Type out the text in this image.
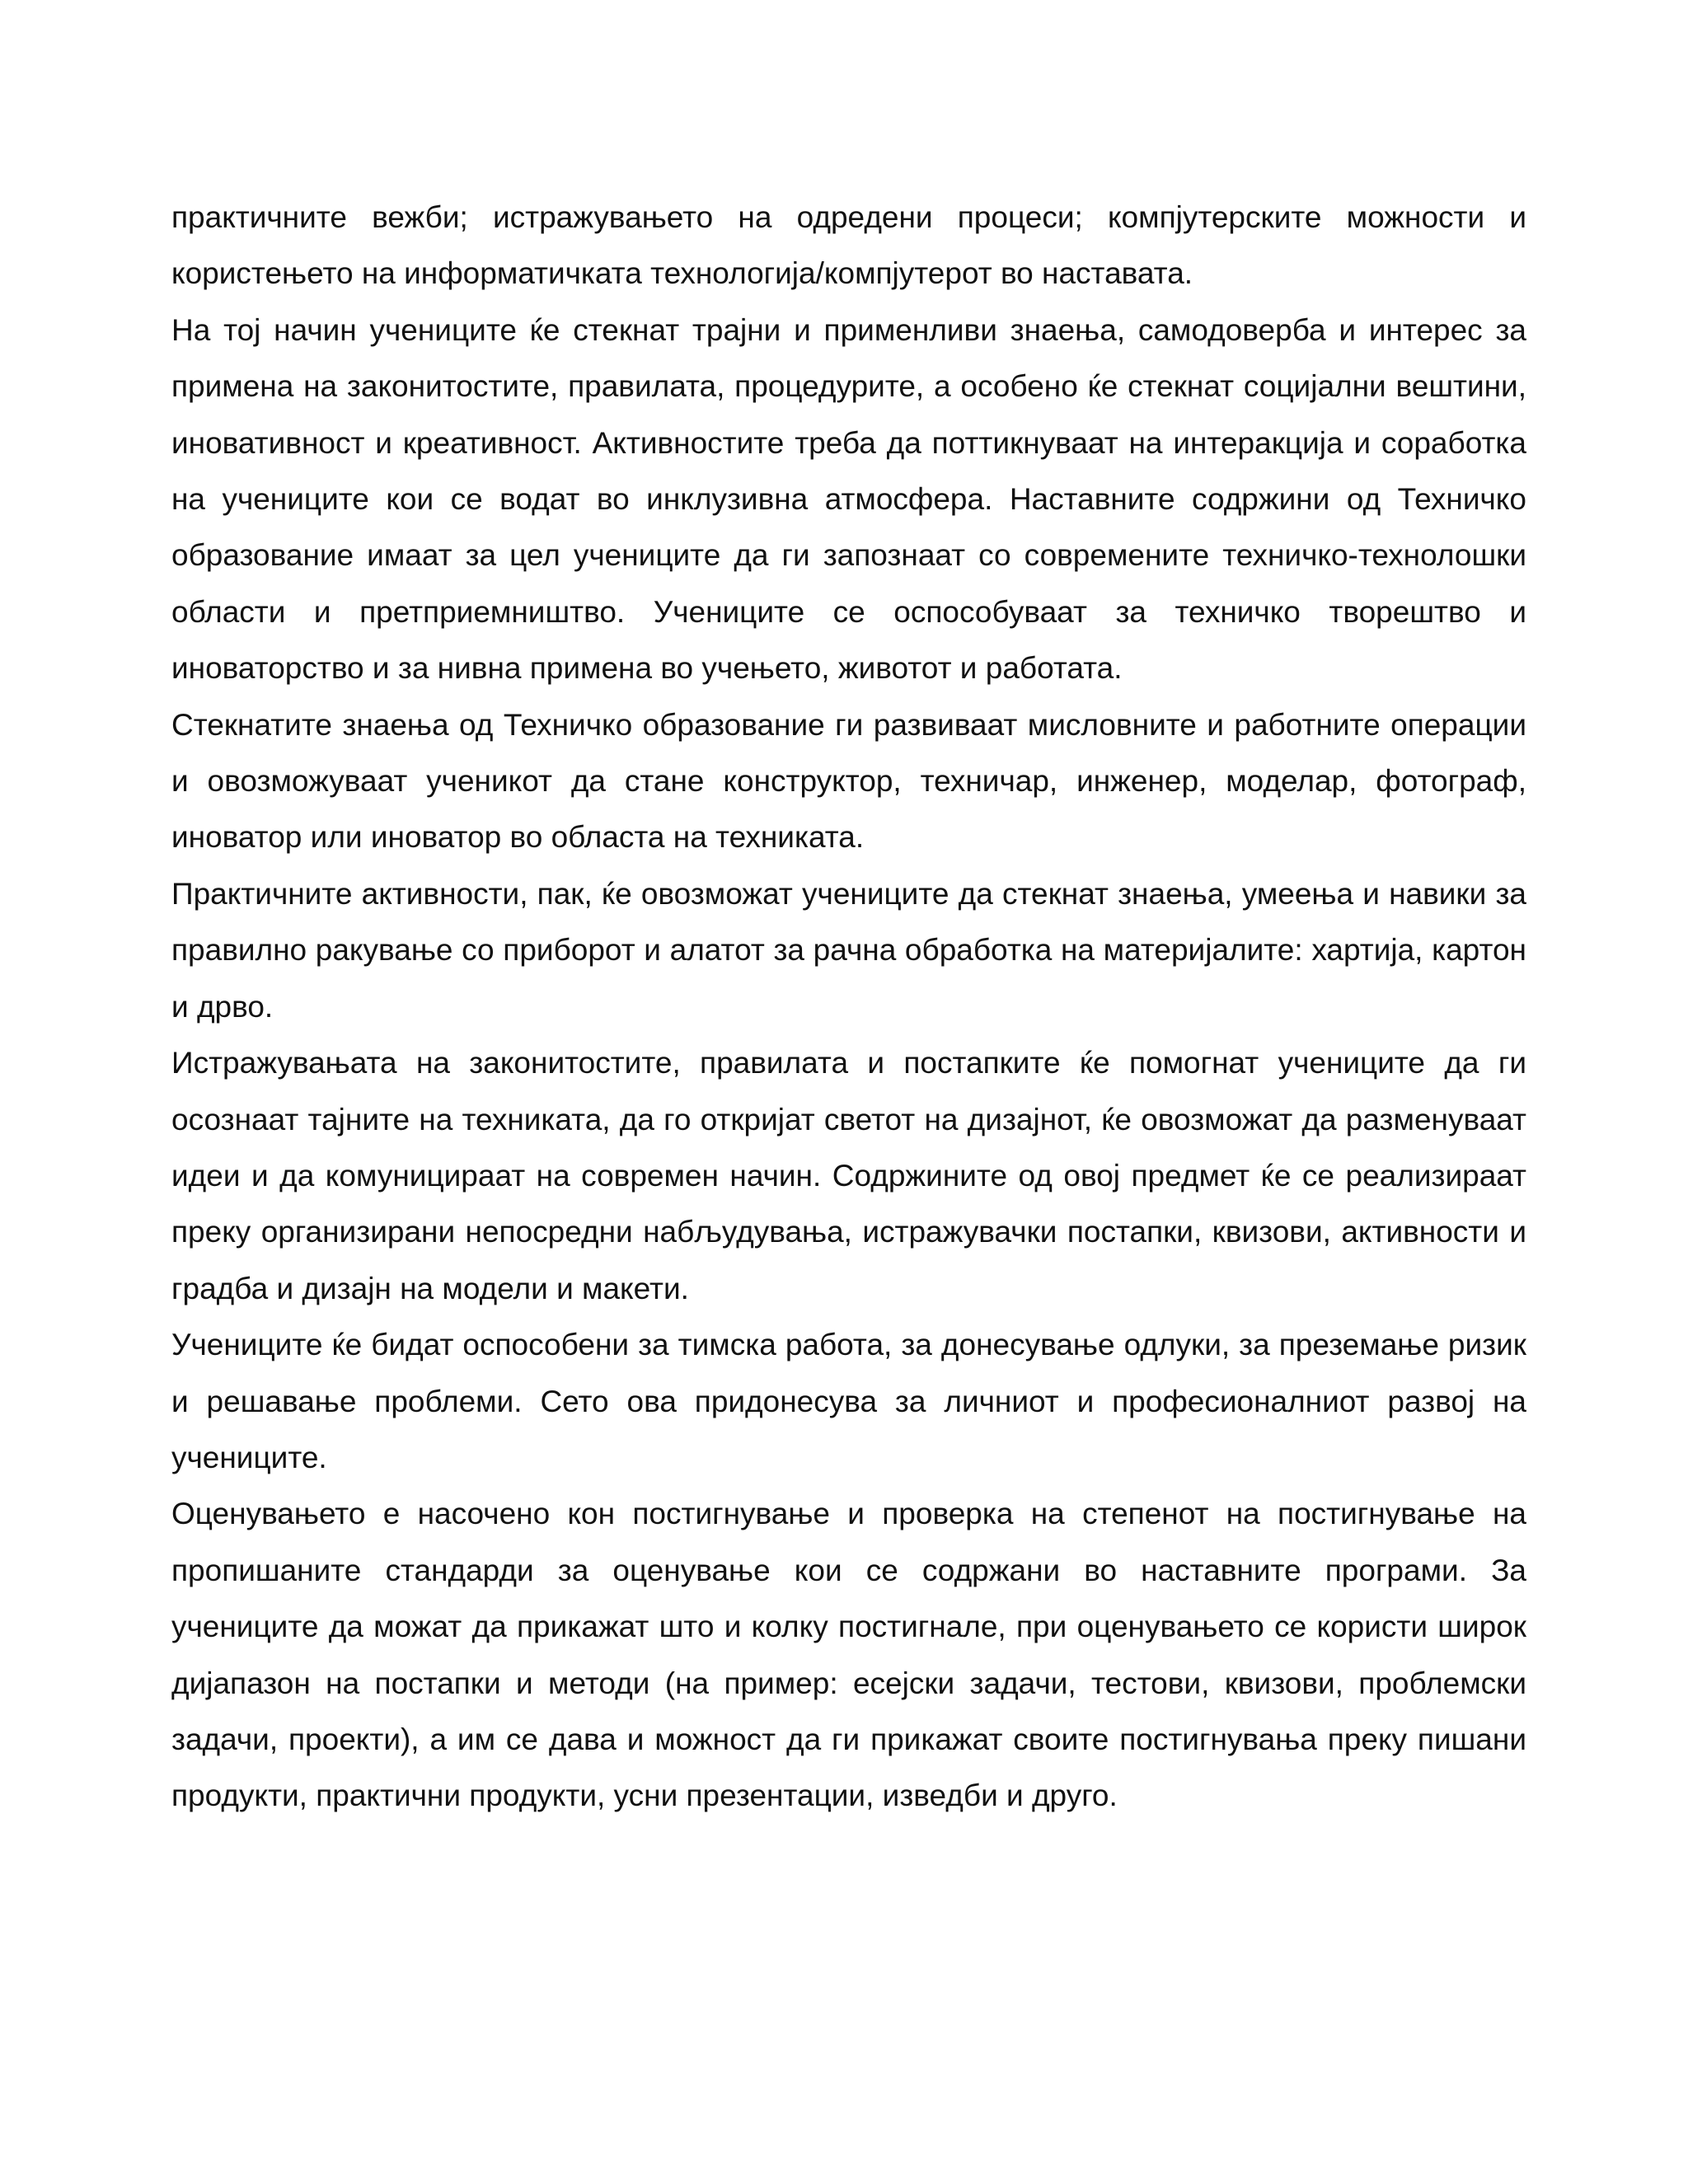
практичните вежби; истражувањето на одредени процеси; компјутерските можности и користењето на информатичката технологија/компјутерот во наставата.

На тој начин учениците ќе стекнат трајни и применливи знаења, самодоверба и интерес за примена на законитостите, правилата, процедурите, а особено ќе стекнат социјални вештини, иновативност и креативност. Активностите треба да поттикнуваат на интеракција и соработка на учениците кои се водат во инклузивна атмосфера. Наставните содржини од Техничко образование имаат за цел учениците да ги запознаат со современите техничко-технолошки области и претприемништво. Учениците се оспособуваат за техничко творештво и иноваторство и за нивна примена во учењето, животот и работата.

Стекнатите знаења од Техничко образование ги развиваат мисловните и работните операции и овозможуваат ученикот да стане конструктор, техничар, инженер, моделар, фотограф, иноватор или иноватор во областа на техниката.

Практичните активности, пак, ќе овозможат учениците да стекнат знаења, умеења и навики за правилно ракување со приборот и алатот за рачна обработка на материјалите: хартија, картон и дрво.

Истражувањата на законитостите, правилата и постапките ќе помогнат учениците да ги осознаат тајните на техниката, да го откријат светот на дизајнот, ќе овозможат да разменуваат идеи и да комуницираат на современ начин. Содржините од овој предмет ќе се реализираат преку организирани непосредни набљудувања, истражувачки постапки, квизови, активности и градба и дизајн на модели и макети.

Учениците ќе бидат оспособени за тимска работа, за донесување одлуки, за преземање ризик и решавање проблеми. Сето ова придонесува за личниот и професионалниот развој на учениците.

Оценувањето е насочено кон постигнување и проверка на степенот на постигнување на пропишаните стандарди за оценување кои се содржани во наставните програми. За учениците да можат да прикажат што и колку постигнале, при оценувањето се користи широк дијапазон на постапки и методи (на пример: есејски задачи, тестови, квизови, проблемски задачи, проекти), а им се дава и можност да ги прикажат своите постигнувања преку пишани продукти, практични продукти, усни презентации, изведби и друго.
